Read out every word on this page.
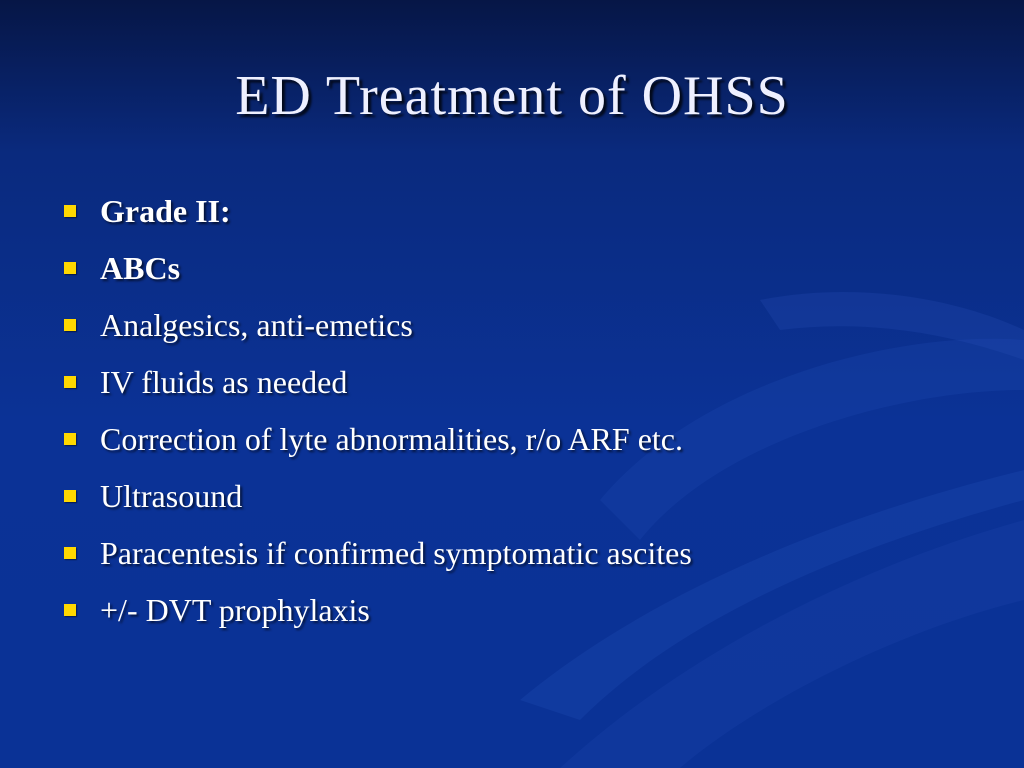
ED Treatment of OHSS
Grade II:
ABCs
Analgesics, anti-emetics
IV fluids as needed
Correction of lyte abnormalities, r/o ARF etc.
Ultrasound
Paracentesis if confirmed symptomatic ascites
+/- DVT prophylaxis
